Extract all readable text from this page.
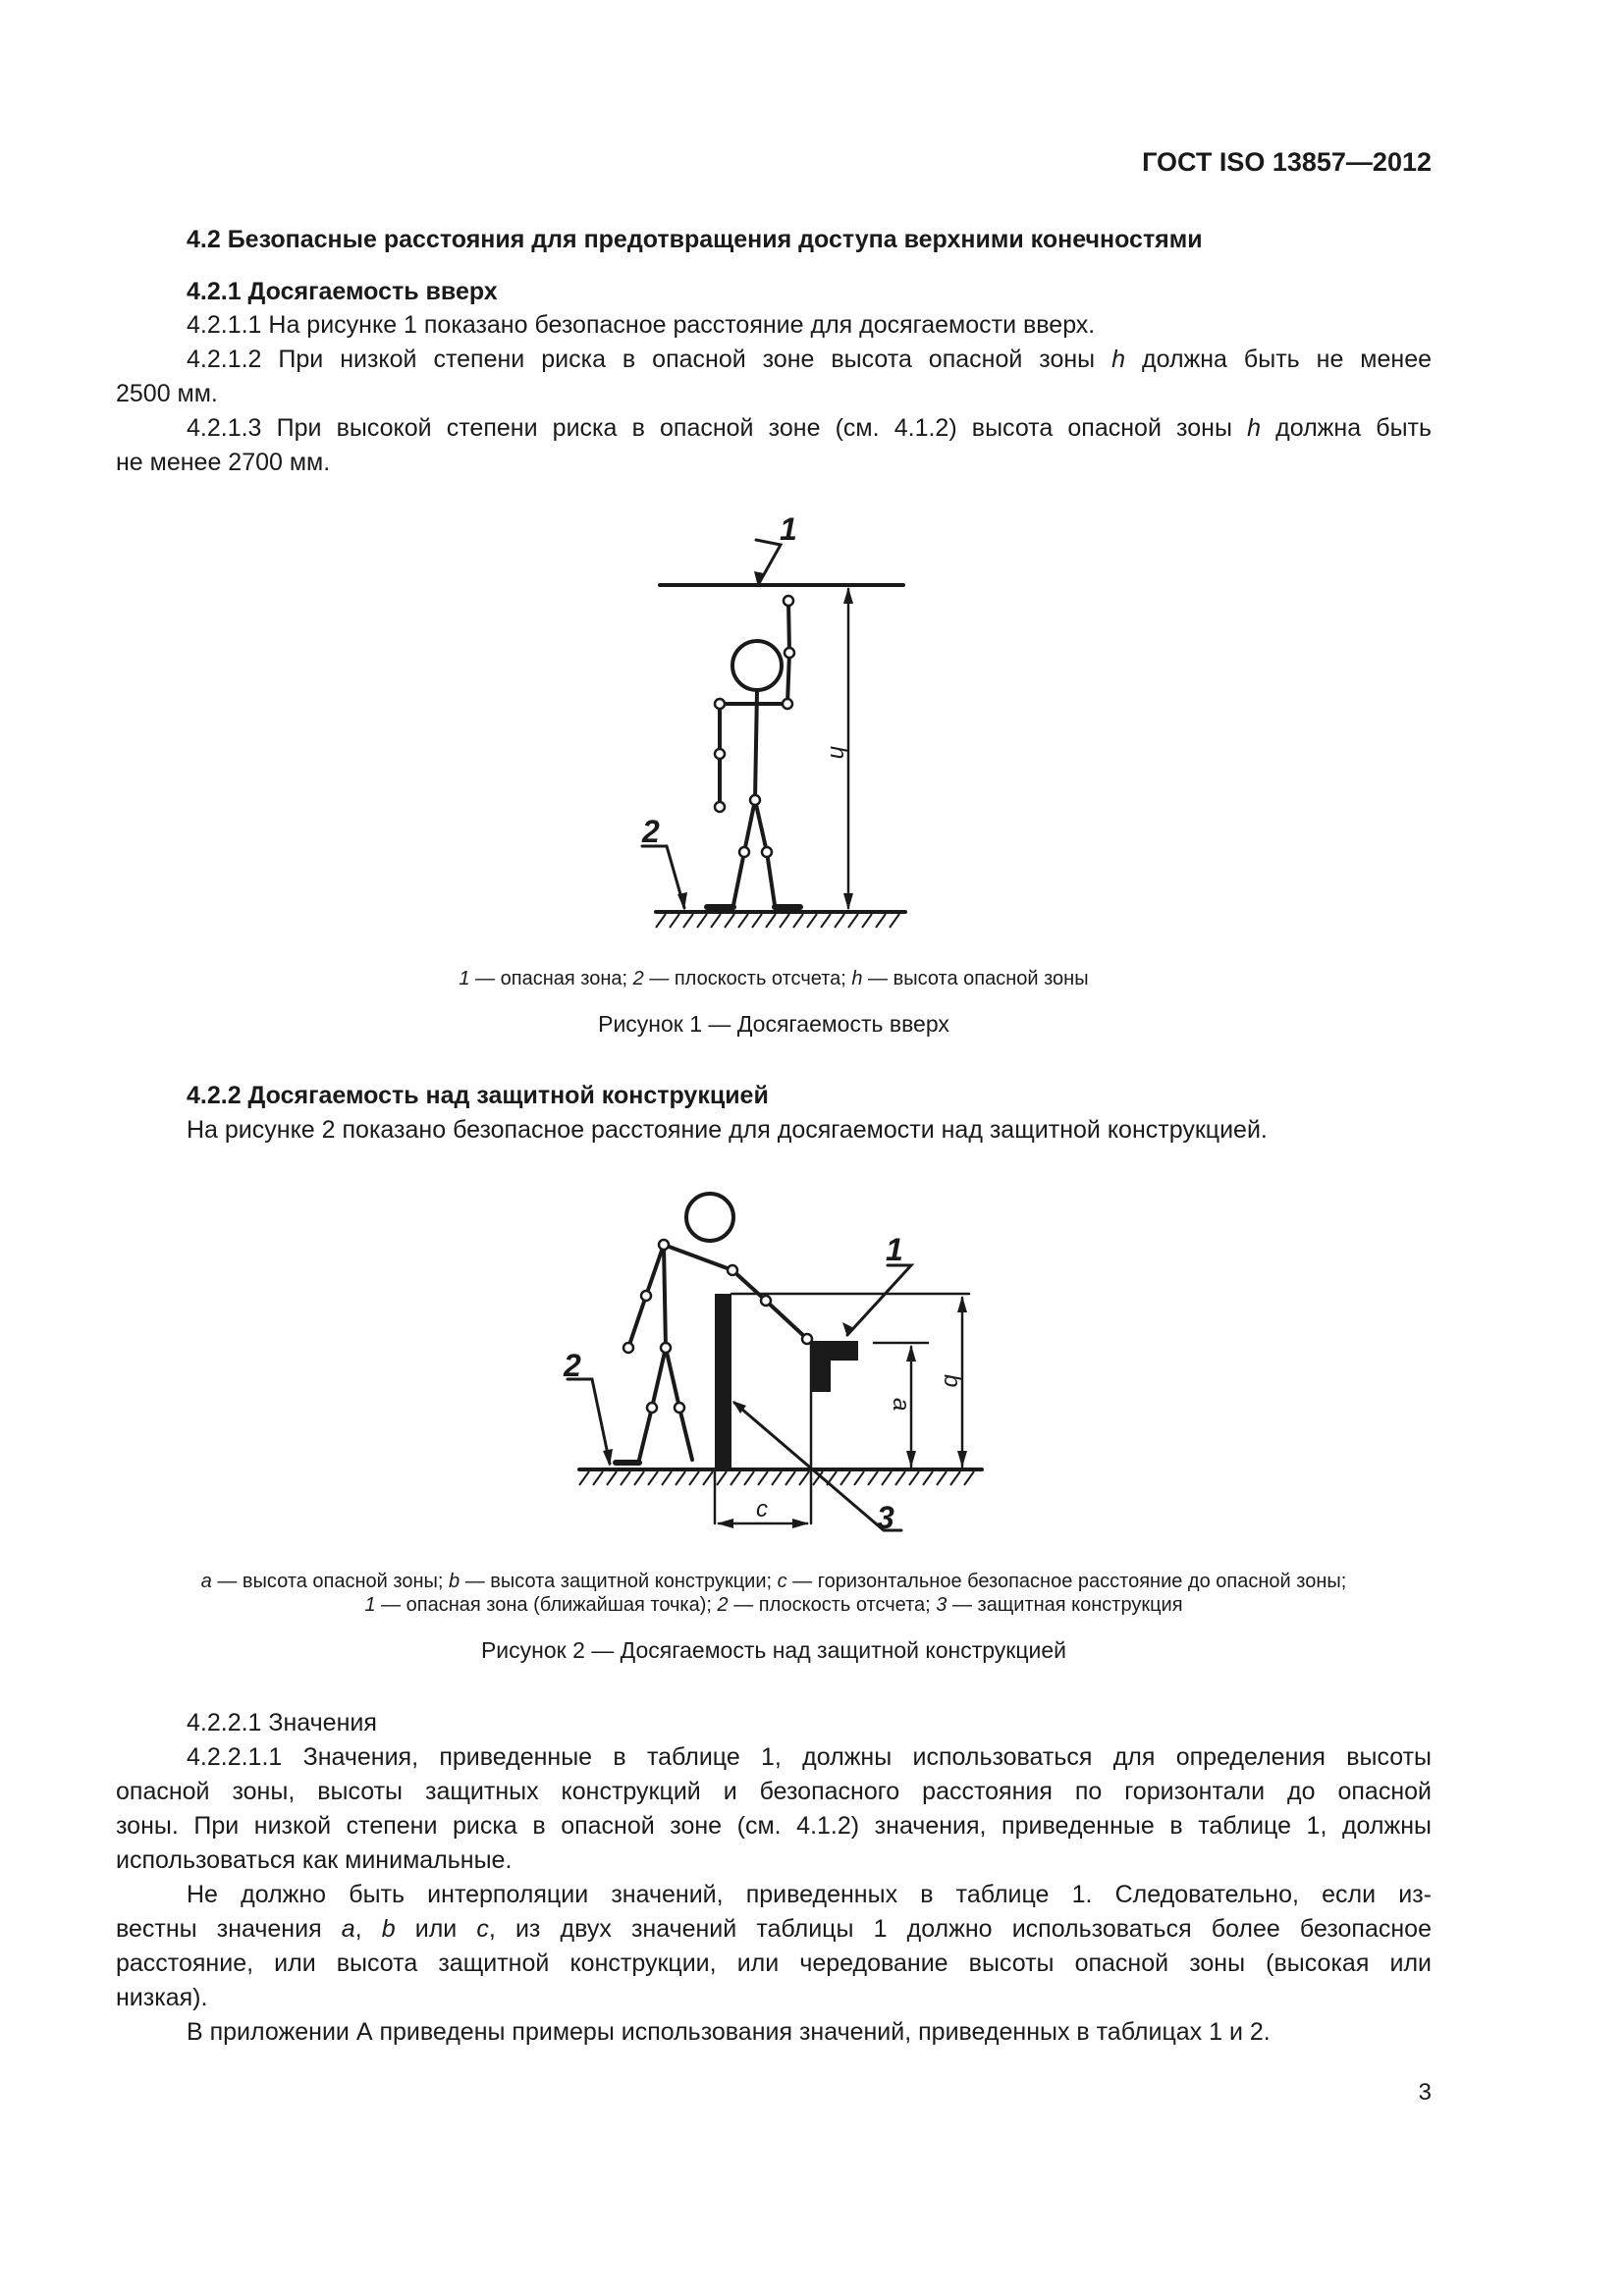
ГОСТ ISO 13857—2012
4.2 Безопасные расстояния для предотвращения доступа верхними конечностями
4.2.1 Досягаемость вверх
4.2.1.1 На рисунке 1 показано безопасное расстояние для досягаемости вверх.
4.2.1.2 При низкой степени риска в опасной зоне высота опасной зоны h должна быть не менее
2500 мм.
4.2.1.3 При высокой степени риска в опасной зоне (см. 4.1.2) высота опасной зоны h должна быть
не менее 2700 мм.
1
2
h
1 — опасная зона; 2 — плоскость отсчета; h — высота опасной зоны
Рисунок 1 — Досягаемость вверх
4.2.2 Досягаемость над защитной конструкцией
На рисунке 2 показано безопасное расстояние для досягаемости над защитной конструкцией.
1
2
3
a
b
c
a — высота опасной зоны; b — высота защитной конструкции; c — горизонтальное безопасное расстояние до опасной зоны;
1 — опасная зона (ближайшая точка); 2 — плоскость отсчета; 3 — защитная конструкция
Рисунок 2 — Досягаемость над защитной конструкцией
4.2.2.1 Значения
4.2.2.1.1 Значения, приведенные в таблице 1, должны использоваться для определения высоты
опасной зоны, высоты защитных конструкций и безопасного расстояния по горизонтали до опасной
зоны. При низкой степени риска в опасной зоне (см. 4.1.2) значения, приведенные в таблице 1, должны
использоваться как минимальные.
Не должно быть интерполяции значений, приведенных в таблице 1. Следовательно, если из-
вестны значения a, b или c, из двух значений таблицы 1 должно использоваться более безопасное
расстояние, или высота защитной конструкции, или чередование высоты опасной зоны (высокая или
низкая).
В приложении А приведены примеры использования значений, приведенных в таблицах 1 и 2.
3
